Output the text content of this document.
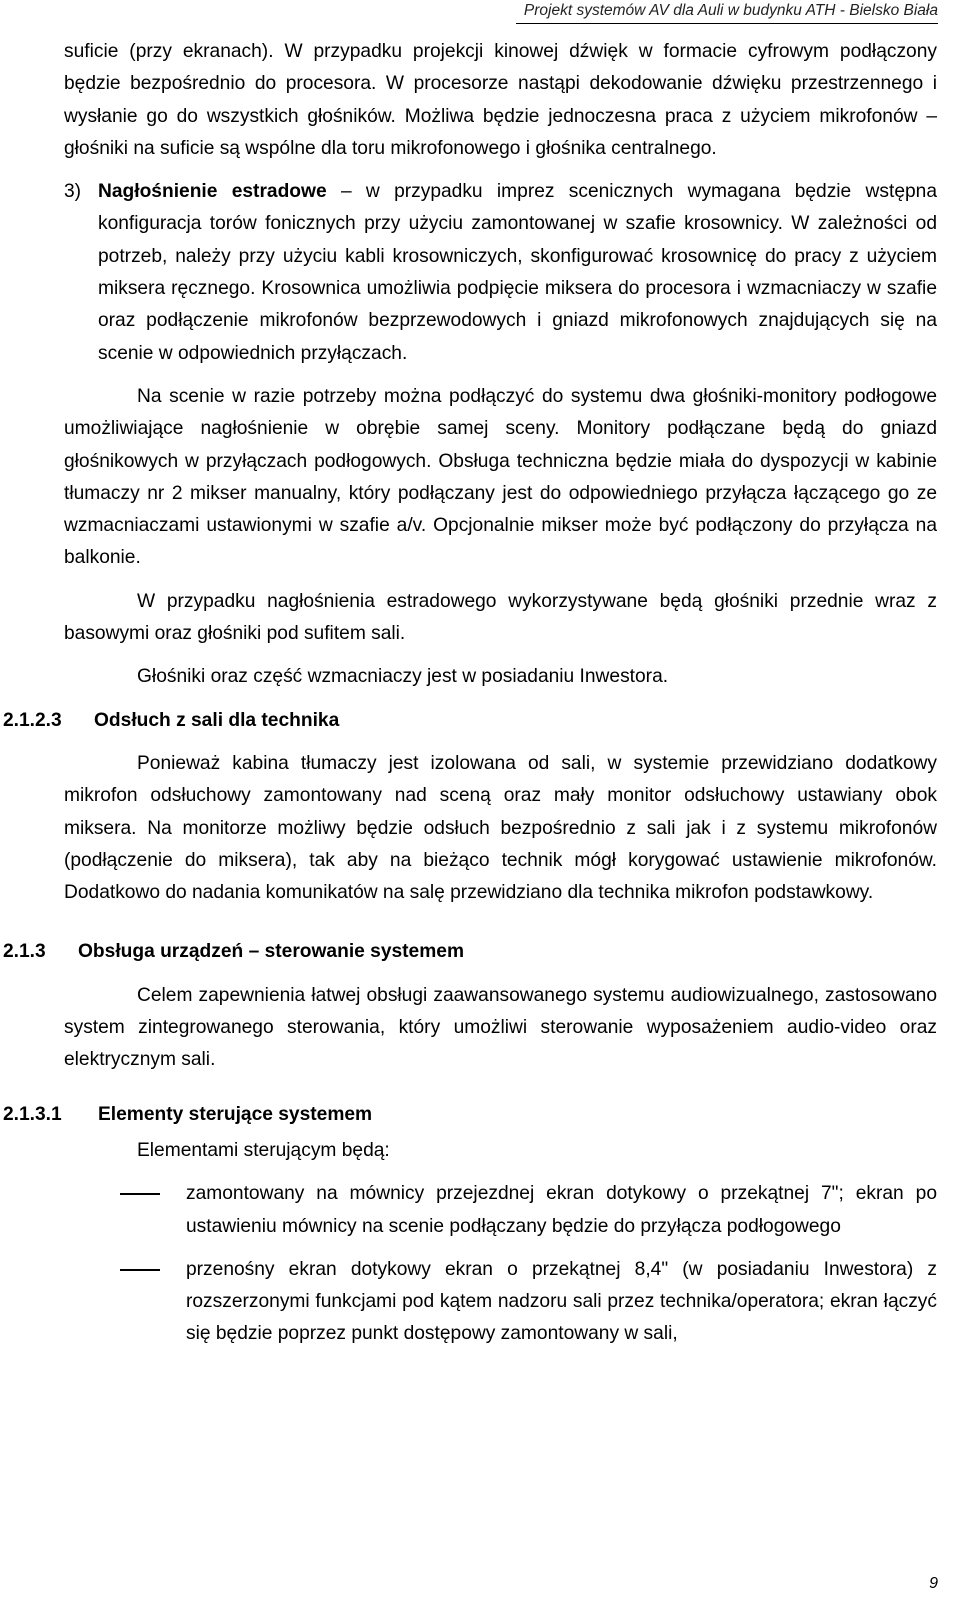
Projekt systemów AV dla Auli w budynku ATH - Bielsko Biała

suficie (przy ekranach). W przypadku projekcji kinowej dźwięk w formacie cyfrowym podłączony będzie bezpośrednio do procesora. W procesorze nastąpi dekodowanie dźwięku przestrzennego i wysłanie go do wszystkich głośników. Możliwa będzie jednoczesna praca z użyciem mikrofonów – głośniki na suficie są wspólne dla toru mikrofonowego i głośnika centralnego.

3) Nagłośnienie estradowe – w przypadku imprez scenicznych wymagana będzie wstępna konfiguracja torów fonicznych przy użyciu zamontowanej w szafie krosownicy. W zależności od potrzeb, należy przy użyciu kabli krosowniczych, skonfigurować krosownicę do pracy z użyciem miksera ręcznego. Krosownica umożliwia podpięcie miksera do procesora i wzmacniaczy w szafie oraz podłączenie mikrofonów bezprzewodowych i gniazd mikrofonowych znajdujących się na scenie w odpowiednich przyłączach.

Na scenie w razie potrzeby można podłączyć do systemu dwa głośniki-monitory podłogowe umożliwiające nagłośnienie w obrębie samej sceny. Monitory podłączane będą do gniazd głośnikowych w przyłączach podłogowych. Obsługa techniczna będzie miała do dyspozycji w kabinie tłumaczy nr 2 mikser manualny, który podłączany jest do odpowiedniego przyłącza łączącego go ze wzmacniaczami ustawionymi w szafie a/v. Opcjonalnie mikser może być podłączony do przyłącza na balkonie.

W przypadku nagłośnienia estradowego wykorzystywane będą głośniki przednie wraz z basowymi oraz głośniki pod sufitem sali.

Głośniki oraz część wzmacniaczy jest w posiadaniu Inwestora.

2.1.2.3	Odsłuch z sali dla technika

Ponieważ kabina tłumaczy jest izolowana od sali, w systemie przewidziano dodatkowy mikrofon odsłuchowy zamontowany nad sceną oraz mały monitor odsłuchowy ustawiany obok miksera. Na monitorze możliwy będzie odsłuch bezpośrednio z sali jak i z systemu mikrofonów (podłączenie do miksera), tak aby na bieżąco technik mógł korygować ustawienie mikrofonów. Dodatkowo do nadania komunikatów na salę przewidziano dla technika mikrofon podstawkowy.

2.1.3	Obsługa urządzeń – sterowanie systemem

Celem zapewnienia łatwej obsługi zaawansowanego systemu audiowizualnego, zastosowano system zintegrowanego sterowania, który umożliwi sterowanie wyposażeniem audio-video oraz elektrycznym sali.

2.1.3.1	Elementy sterujące systemem

Elementami sterującym będą:

zamontowany na mównicy przejezdnej ekran dotykowy o przekątnej 7"; ekran po ustawieniu mównicy na scenie podłączany będzie do przyłącza podłogowego
przenośny ekran dotykowy ekran o przekątnej 8,4" (w posiadaniu Inwestora) z rozszerzonymi funkcjami pod kątem nadzoru sali przez technika/operatora; ekran łączyć się będzie poprzez punkt dostępowy zamontowany w sali,
9
